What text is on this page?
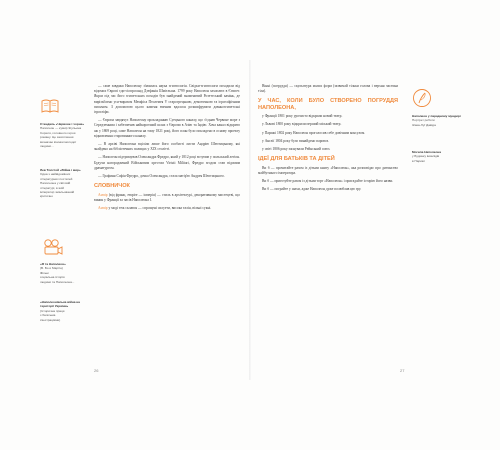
Стендаль «Червоне і чорне»
Наполеон — кумир Жульєна
Сореля, головного героя
роману. Це захоплення
визначає вчинки молодої
людини...
Лев Толстой «Війна і мир»
Одна з найвідоміших
літературних постатей
Наполеона у світовій
літературі, в якій
імператор змальований
критично
«Я та Наполеон»
(В. Бо и Мартін)
Фільм
соціальна історія
людини та Наполеона...
«Наполеонівська війна на території України»
(Історична праця
з багатьма
ілюстраціями)

— саме завдяки Наполеону з'явилась наука єгиптологія. Свідки-єгиптологи походили від відомих Європі єди-сіопросянд Дзефанія Шмітльша. 1799 року Наполеон захоплює в Єгипет. Якраз під час його єгипетських походів був знайдений знаменитий Розеттський камінь, де вирізьблено уся-виразом Мемфіса Птолемея V старогрецькою, демотичною та ієрогліфічним письмом. З допомогою цього каменя вченим вдалося розшифрувати давньоєгипетські ієрогліфи.

— Європа завдячує Наполеону прокладанню Суецького каналу, що з'єднав Червоне море з Середземним і забезпечив найкоротший шлях з Європи в Азію та Індію. Хоча канал відкрито аж у 1869 році, саме Наполеон на тому 1821 році, його план було покладено в основу проекту відновлення старовинного каналу.

— В архіві Наполеона вціліли лише його особисті листи Андрію Шептицькому, які знайдено на бібліотечних полицях у XIX столітті.

— Наполеон підтримував Олександра Фредро, який у 1812 році вступив у польський легіон. Будучи нагороджений Військовим хрестом Virtuti Militari, Фредро згодом став відомим драматургом.

— Графиня Софія Фредро, дочка Олександра, стала матір'ю Андрея Шептицького.

СЛОВНИЧОК

Ампір (від франц. empire — імперія) — стиль в архітектурі, декоративному мистецтві, що виник у Франції за часів Наполеона І.

Ампір у моді теж склався — спрощені силуети, висока талія, вільні сукні.

26

Вінні (погруддя) — скульптура малих форм (зазвичай тільки голова і верхня частина тіла).

У ЧАС, КОЛИ БУЛО СТВОРЕНО ПОГРУДДЯ НАПОЛЕОНА,

у Франції 1801 року урочисто відкрили новий театр.

у Львові 1800 року відкрили перший міський театр.

у Парижі 1802 року Наполеон проголосив себе довічним консулом.

у Англії 1804 року було винайдено паровоз.

у світі 1806 року заснували Рейнський союз.

ІДЕЇ ДЛЯ БАТЬКІВ ТА ДІТЕЙ

Ви б — прочитайте разом із дітьми книгу «Наполеон», яка розповідає про дитинство майбутнього імператора.

Ви б — приготуйте разом із дітьми торт «Наполеон» і пригадайте історію його назви.

Ви б — пограйте у шахи, адже Наполеон дуже полюбляв цю гру.

Наполеон у парадному мундирі
Портрет роботи
Жака-Луї Давіда
Могила Наполеона
у Будинку інвалідів
в Парижі
27
